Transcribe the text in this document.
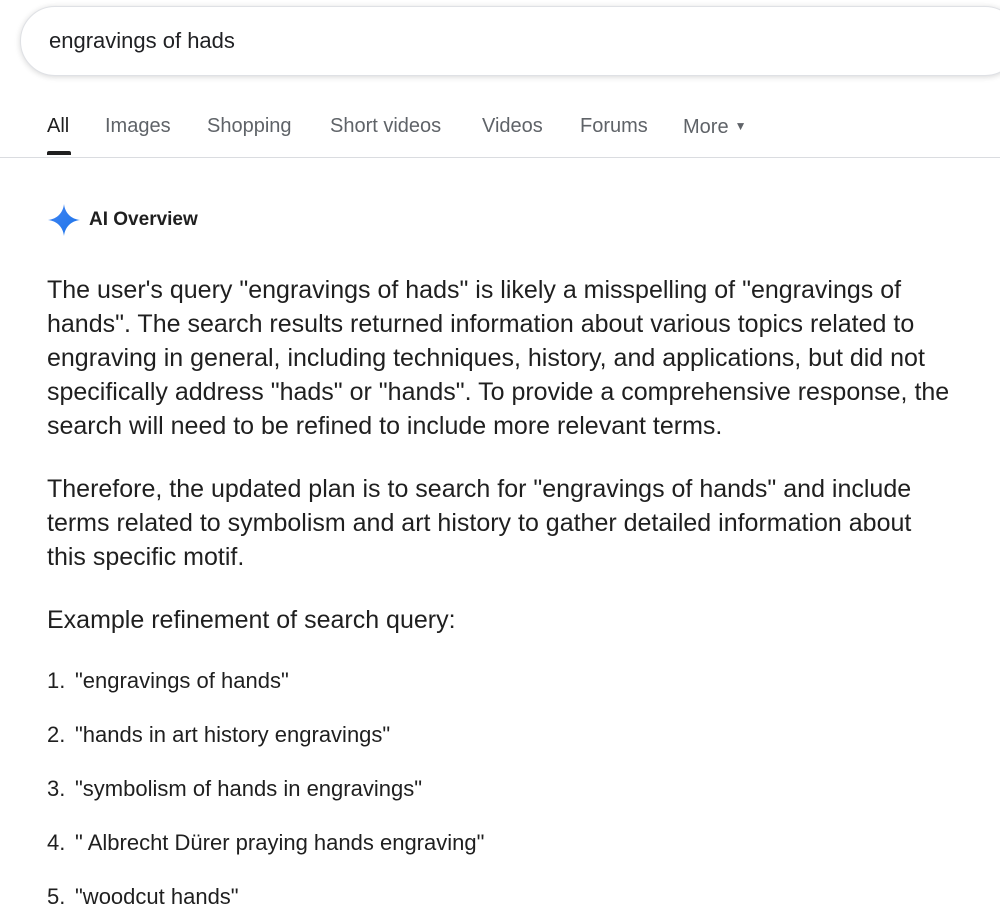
engravings of hads
All Images Shopping Short videos Videos Forums More ▼
AI Overview
The user's query "engravings of hads" is likely a misspelling of "engravings of hands". The search results returned information about various topics related to engraving in general, including techniques, history, and applications, but did not specifically address "hads" or "hands". To provide a comprehensive response, the search will need to be refined to include more relevant terms.
Therefore, the updated plan is to search for "engravings of hands" and include terms related to symbolism and art history to gather detailed information about this specific motif.
Example refinement of search query:
1. "engravings of hands"
2. "hands in art history engravings"
3. "symbolism of hands in engravings"
4. " Albrecht Dürer praying hands engraving"
5. "woodcut hands"
